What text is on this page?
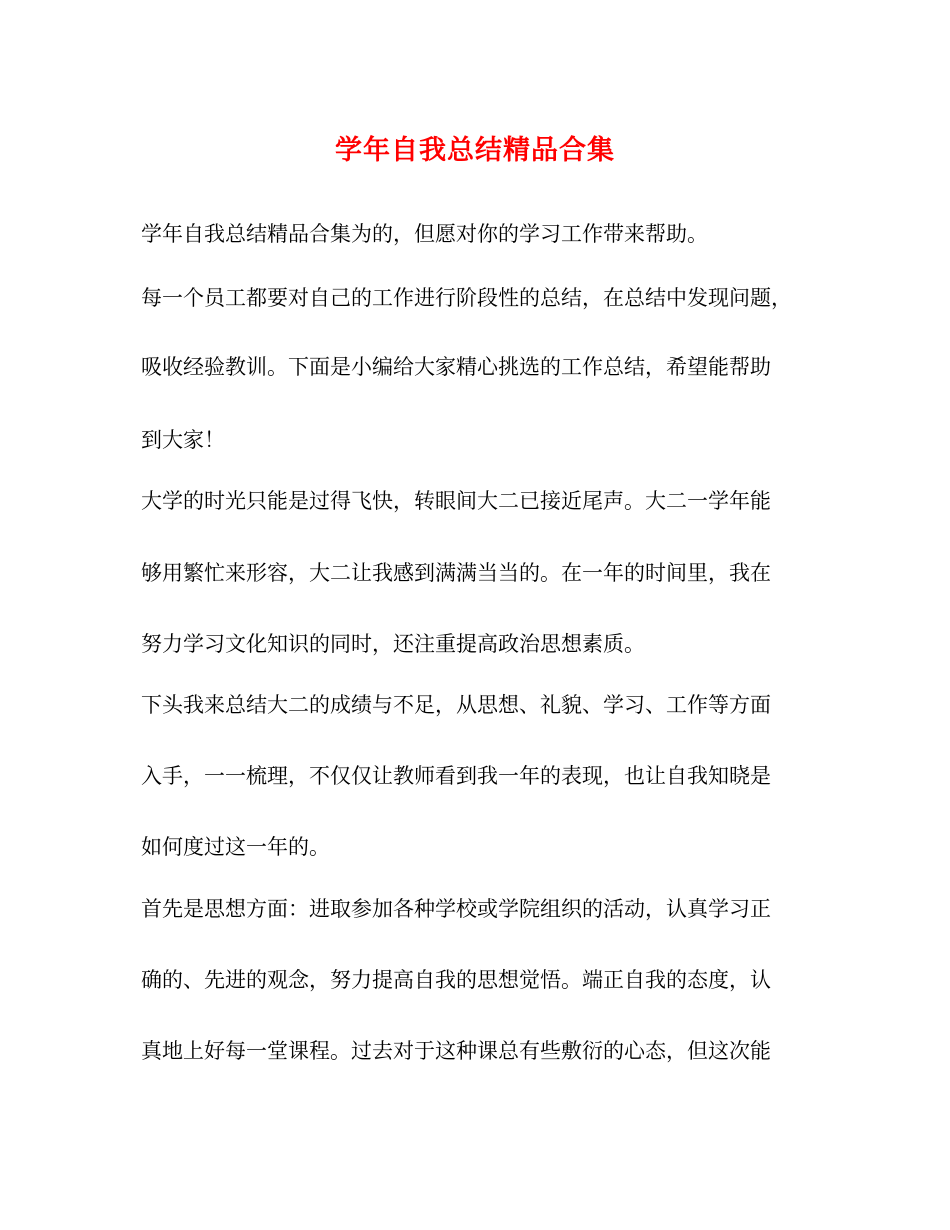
学年自我总结精品合集
学年自我总结精品合集为的，但愿对你的学习工作带来帮助。
每一个员工都要对自己的工作进行阶段性的总结，在总结中发现问题，
吸收经验教训。下面是小编给大家精心挑选的工作总结，希望能帮助
到大家！
大学的时光只能是过得飞快，转眼间大二已接近尾声。大二一学年能
够用繁忙来形容，大二让我感到满满当当的。在一年的时间里，我在
努力学习文化知识的同时，还注重提高政治思想素质。
下头我来总结大二的成绩与不足，从思想、礼貌、学习、工作等方面
入手，一一梳理，不仅仅让教师看到我一年的表现，也让自我知晓是
如何度过这一年的。
首先是思想方面：进取参加各种学校或学院组织的活动，认真学习正
确的、先进的观念，努力提高自我的思想觉悟。端正自我的态度，认
真地上好每一堂课程。过去对于这种课总有些敷衍的心态，但这次能
